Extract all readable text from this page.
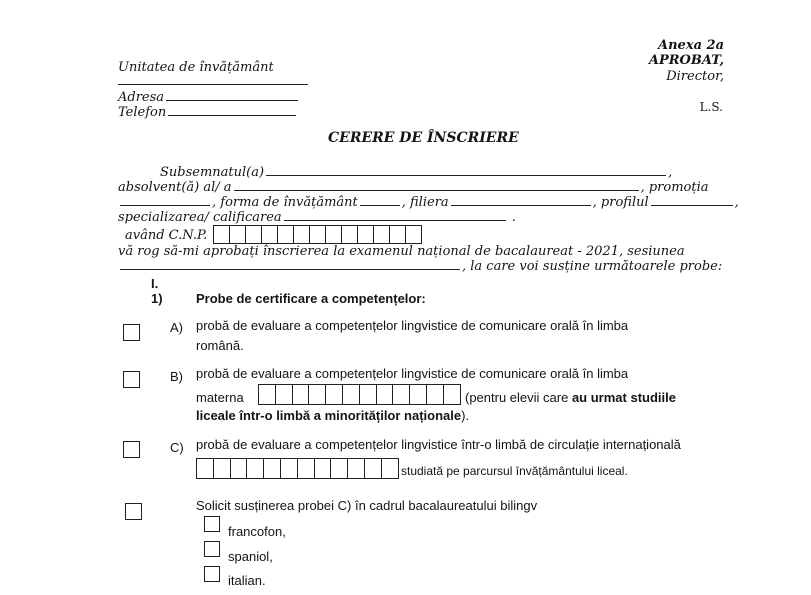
Unitatea de învățământ
Adresa
Telefon
Anexa 2a
APROBAT,
Director,
L.S.
CERERE DE ÎNSCRIERE
Subsemnatul(a)	,
absolvent(ă) al/ a	, promoția
, forma de învățământ	, filiera	, profilul	,
specializarea/ calificarea	.
având C.N.P.
vă rog să-mi aprobați înscrierea la examenul național de bacalaureat - 2021, sesiunea
, la care voi susține următoarele probe:
I.
1)	Probe de certificare a competențelor:
A) probă de evaluare a competențelor lingvistice de comunicare orală în limba
română.
B) probă de evaluare a competențelor lingvistice de comunicare orală în limba
materna	(pentru elevii care au urmat studiile
liceale într-o limbă a minorităților naționale).
C) probă de evaluare a competențelor lingvistice într-o limbă de circulație internațională
studiată pe parcursul învățământului liceal.
Solicit susținerea probei C) în cadrul bacalaureatului bilingv
francofon,
spaniol,
italian.
